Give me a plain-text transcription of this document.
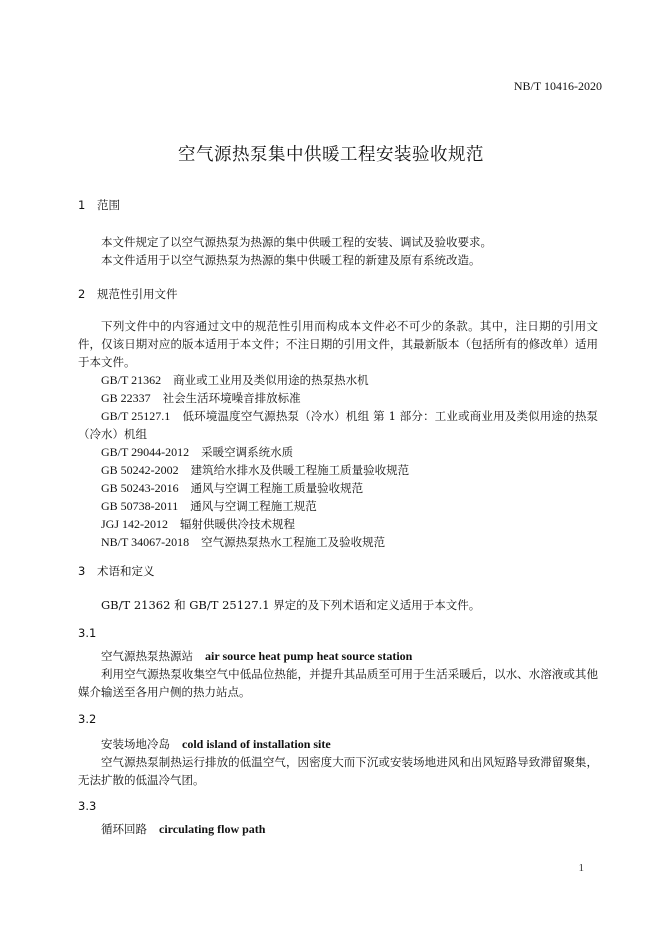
NB/T 10416-2020
空气源热泵集中供暖工程安装验收规范
1 范围

本文件规定了以空气源热泵为热源的集中供暖工程的安装、调试及验收要求。

本文件适用于以空气源热泵为热源的集中供暖工程的新建及原有系统改造。

2 规范性引用文件

下列文件中的内容通过文中的规范性引用而构成本文件必不可少的条款。其中，注日期的引用文件，仅该日期对应的版本适用于本文件；不注日期的引用文件，其最新版本（包括所有的修改单）适用于本文件。

GB/T 21362 商业或工业用及类似用途的热泵热水机

GB 22337 社会生活环境噪音排放标准

GB/T 25127.1 低环境温度空气源热泵（冷水）机组 第 1 部分：工业或商业用及类似用途的热泵（冷水）机组

GB/T 29044-2012 采暖空调系统水质

GB 50242-2002 建筑给水排水及供暖工程施工质量验收规范

GB 50243-2016 通风与空调工程施工质量验收规范

GB 50738-2011 通风与空调工程施工规范

JGJ 142-2012 辐射供暖供冷技术规程

NB/T 34067-2018 空气源热泵热水工程施工及验收规范

3 术语和定义

GB/T 21362 和 GB/T 25127.1 界定的及下列术语和定义适用于本文件。

3.1

空气源热泵热源站 air source heat pump heat source station

利用空气源热泵收集空气中低品位热能，并提升其品质至可用于生活采暖后，以水、水溶液或其他媒介输送至各用户侧的热力站点。

3.2

安装场地冷岛 cold island of installation site

空气源热泵制热运行排放的低温空气，因密度大而下沉或安装场地进风和出风短路导致滞留聚集，无法扩散的低温冷气团。

3.3

循环回路 circulating flow path

1
